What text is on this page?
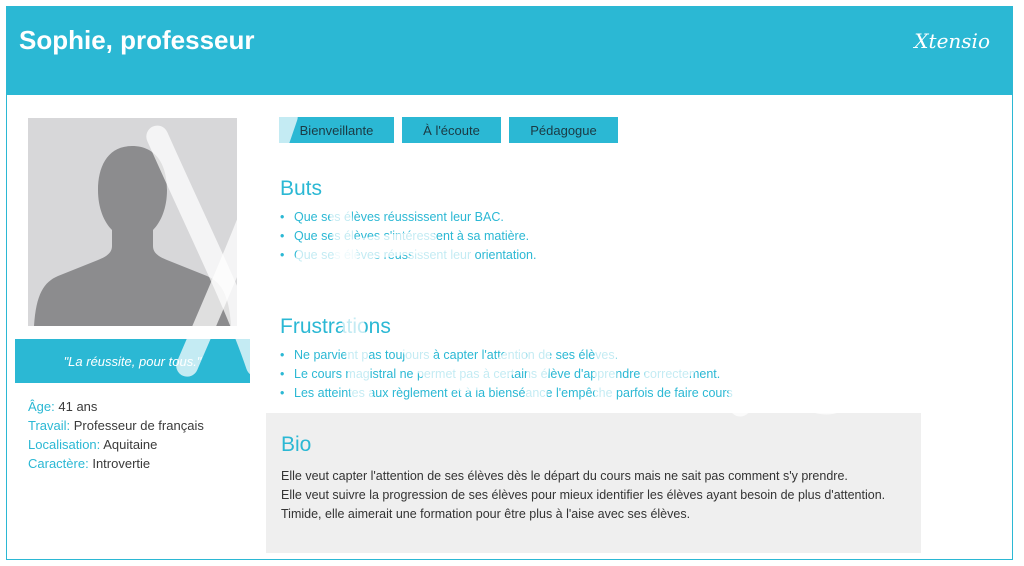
Sophie, professeur	Xtensio
"La réussite, pour tous."
Âge: 41 ans
Travail: Professeur de français
Localisation: Aquitaine
Caractère: Introvertie
Bienveillante	À l'écoute	Pédagogue
Buts
• Que ses élèves réussissent leur BAC.
• Que ses élèves s'intéressent à sa matière.
• Que ses élèves réussissent leur orientation.
Frustrations
• Ne parvient pas toujours à capter l'attention de ses élèves.
• Le cours magistral ne permet pas à certains élève d'apprendre correctement.
• Les atteintes aux règlement et à la bienséance l'empêche parfois de faire cours
Bio
Elle veut capter l'attention de ses élèves dès le départ du cours mais ne sait pas comment s'y prendre.
Elle veut suivre la progression de ses élèves pour mieux identifier les élèves ayant besoin de plus d'attention.
Timide, elle aimerait une formation pour être plus à l'aise avec ses élèves.
